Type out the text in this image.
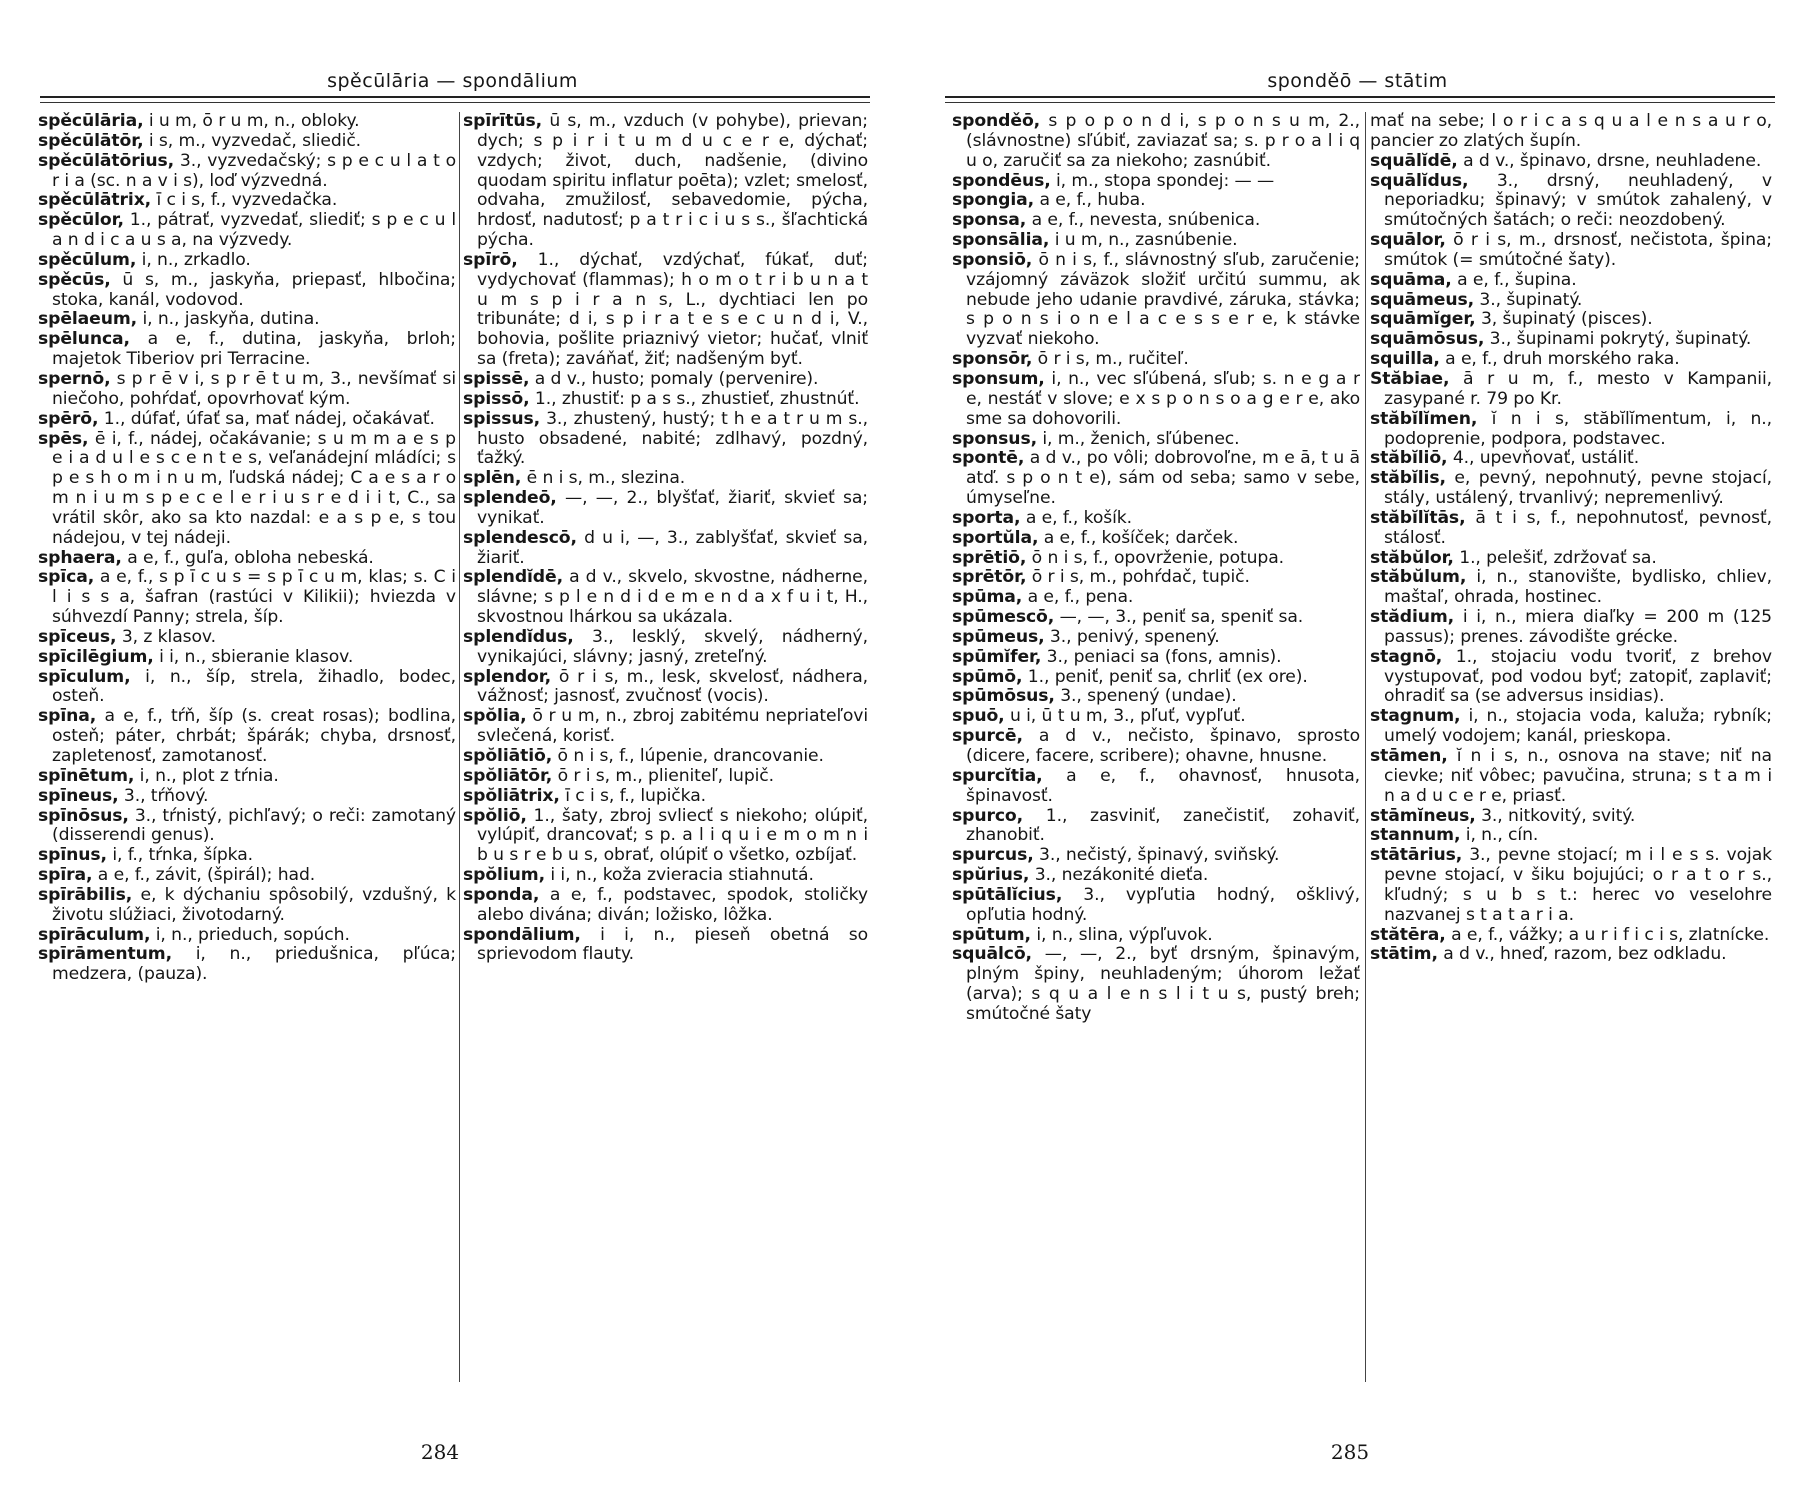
spěcūlāria — spondālium

spěcūlāria, i u m, ō r u m, n., obloky.

spěcūlātōr, i s, m., vyzvedač, sliedič.

spěcūlātōrius, 3., vyzvedačský; s p e c u l a t o r i a (sc. n a v i s), loď výzvedná.

spěcūlātrix, ī c i s, f., vyzvedačka.

spěcūlor, 1., pátrať, vyzvedať, sliediť; s p e c u l a n d i c a u s a, na výzvedy.

spěcūlum, i, n., zrkadlo.

spěcūs, ū s, m., jaskyňa, priepasť, hlbočina; stoka, kanál, vodovod.

spēlaeum, i, n., jaskyňa, dutina.

spēlunca, a e, f., dutina, jaskyňa, brloh; majetok Tiberiov pri Terracine.

spernō, s p r ē v i, s p r ē t u m, 3., nevšímať si niečoho, pohŕdať, opovrhovať kým.

spērō, 1., dúfať, úfať sa, mať nádej, očakávať.

spēs, ē i, f., nádej, očakávanie; s u m m a e s p e i a d u l e s c e n t e s, veľanádejní mládíci; s p e s h o m i n u m, ľudská nádej; C a e s a r o m n i u m s p e c e l e r i u s r e d i i t, C., sa vrátil skôr, ako sa kto nazdal: e a s p e, s tou nádejou, v tej nádeji.

sphaera, a e, f., guľa, obloha nebeská.

spīca, a e, f., s p ī c u s = s p ī c u m, klas; s. C i l i s s a, šafran (rastúci v Kilikii); hviezda v súhvezdí Panny; strela, šíp.

spīceus, 3, z klasov.

spīcilēgium, i i, n., sbieranie klasov.

spīculum, i, n., šíp, strela, žihadlo, bodec, osteň.

spīna, a e, f., tŕň, šíp (s. creat rosas); bodlina, osteň; páter, chrbát; špárák; chyba, drsnosť, zapletenosť, zamotanosť.

spīnētum, i, n., plot z tŕnia.

spīneus, 3., tŕňový.

spīnōsus, 3., tŕnistý, pichľavý; o reči: zamotaný (disserendi genus).

spīnus, i, f., tŕnka, šípka.

spīra, a e, f., závit, (špirál); had.

spīrābilis, e, k dýchaniu spôsobilý, vzdušný, k životu slúžiaci, životodarný.

spīrāculum, i, n., prieduch, sopúch.

spīrāmentum, i, n., priedušnica, pľúca; medzera, (pauza).

spīrītūs, ū s, m., vzduch (v pohybe), prievan; dych; s p i r i t u m d u c e r e, dýchať; vzdych; život, duch, nadšenie, (divino quodam spiritu inflatur poēta); vzlet; smelosť, odvaha, zmužilosť, sebavedomie, pýcha, hrdosť, nadutosť; p a t r i c i u s s., šľachtická pýcha.

spīrō, 1., dýchať, vzdýchať, fúkať, duť; vydychovať (flammas); h o m o t r i b u n a t u m s p i r a n s, L., dychtiaci len po tribunáte; d i, s p i r a t e s e c u n d i, V., bohovia, pošlite priaznivý vietor; hučať, vlniť sa (freta); zaváňať, žiť; nadšeným byť.

spissē, a d v., husto; pomaly (pervenire).

spissō, 1., zhustiť: p a s s., zhustieť, zhustnúť.

spissus, 3., zhustený, hustý; t h e a t r u m s., husto obsadené, nabité; zdlhavý, pozdný, ťažký.

splēn, ē n i s, m., slezina.

splendeō, —, —, 2., blyšťať, žiariť, skvieť sa; vynikať.

splendescō, d u i, —, 3., zablyšťať, skvieť sa, žiariť.

splendĭdē, a d v., skvelo, skvostne, nádherne, slávne; s p l e n d i d e m e n d a x f u i t, H., skvostnou lhárkou sa ukázala.

splendĭdus, 3., lesklý, skvelý, nádherný, vynikajúci, slávny; jasný, zreteľný.

splendor, ō r i s, m., lesk, skvelosť, nádhera, vážnosť; jasnosť, zvučnosť (vocis).

spŏlia, ō r u m, n., zbroj zabitému nepriateľovi svlečená, korisť.

spŏliātiō, ō n i s, f., lúpenie, drancovanie.

spŏliātōr, ō r i s, m., plieniteľ, lupič.

spŏliātrix, ī c i s, f., lupička.

spŏliō, 1., šaty, zbroj svliecť s niekoho; olúpiť, vylúpiť, drancovať; s p. a l i q u i e m o m n i b u s r e b u s, obrať, olúpiť o všetko, ozbíjať.

spŏlium, i i, n., koža zvieracia stiahnutá.

sponda, a e, f., podstavec, spodok, stoličky alebo divána; diván; ložisko, lôžka.

spondālium, i i, n., pieseň obetná so sprievodom flauty.

284
sponděō — stātim

sponděō, s p o p o n d i, s p o n s u m, 2., (slávnostne) sľúbiť, zaviazať sa; s. p r o a l i q u o, zaručiť sa za niekoho; zasnúbiť.

spondēus, i, m., stopa spondej: — —

spongia, a e, f., huba.

sponsa, a e, f., nevesta, snúbenica.

sponsālia, i u m, n., zasnúbenie.

sponsiō, ō n i s, f., slávnostný sľub, zaručenie; vzájomný záväzok složiť určitú summu, ak nebude jeho udanie pravdivé, záruka, stávka; s p o n s i o n e l a c e s s e r e, k stávke vyzvať niekoho.

sponsōr, ō r i s, m., ručiteľ.

sponsum, i, n., vec sľúbená, sľub; s. n e g a r e, nestáť v slove; e x s p o n s o a g e r e, ako sme sa dohovorili.

sponsus, i, m., ženich, sľúbenec.

spontē, a d v., po vôli; dobrovoľne, m e ā, t u ā atď. s p o n t e), sám od seba; samo v sebe, úmyseľne.

sporta, a e, f., košík.

sportŭla, a e, f., košíček; darček.

sprētiō, ō n i s, f., opovrženie, potupa.

sprētōr, ō r i s, m., pohŕdač, tupič.

spūma, a e, f., pena.

spūmescō, —, —, 3., peniť sa, speniť sa.

spūmeus, 3., penivý, spenený.

spūmĭfer, 3., peniaci sa (fons, amnis).

spūmō, 1., peniť, peniť sa, chrliť (ex ore).

spūmōsus, 3., spenený (undae).

spuō, u i, ū t u m, 3., pľuť, vypľuť.

spurcē, a d v., nečisto, špinavo, sprosto (dicere, facere, scribere); ohavne, hnusne.

spurcĭtia, a e, f., ohavnosť, hnusota, špinavosť.

spurco, 1., zasviniť, zanečistiť, zohaviť, zhanobiť.

spurcus, 3., nečistý, špinavý, sviňský.

spŭrius, 3., nezákonité dieťa.

spūtālĭcius, 3., vypľutia hodný, ošklivý, opľutia hodný.

spūtum, i, n., slina, výpľuvok.

squālcō, —, —, 2., byť drsným, špinavým, plným špiny, neuhladeným; úhorom ležať (arva); s q u a l e n s l i t u s, pustý breh; smútočné šaty

mať na sebe; l o r i c a s q u a l e n s a u r o, pancier zo zlatých šupín.

squālĭdē, a d v., špinavo, drsne, neuhladene.

squālĭdus, 3., drsný, neuhladený, v neporiadku; špinavý; v smútok zahalený, v smútočných šatách; o reči: neozdobený.

squālor, ō r i s, m., drsnosť, nečistota, špina; smútok (= smútočné šaty).

squāma, a e, f., šupina.

squāmeus, 3., šupinatý.

squāmĭger, 3, šupinatý (pisces).

squāmōsus, 3., šupinami pokrytý, šupinatý.

squilla, a e, f., druh morského raka.

Stăbiae, ā r u m, f., mesto v Kampanii, zasypané r. 79 po Kr.

stăbĭlĭmen, ĭ n i s, stăbĭlĭmentum, i, n., podoprenie, podpora, podstavec.

stăbĭliō, 4., upevňovať, ustáliť.

stăbĭlis, e, pevný, nepohnutý, pevne stojací, stály, ustálený, trvanlivý; nepremenlivý.

stăbĭlĭtās, ā t i s, f., nepohnutosť, pevnosť, stálosť.

stăbŭlor, 1., pelešiť, zdržovať sa.

stăbŭlum, i, n., stanovište, bydlisko, chliev, maštaľ, ohrada, hostinec.

stădium, i i, n., miera diaľky = 200 m (125 passus); prenes. závodište grécke.

stagnō, 1., stojaciu vodu tvoriť, z brehov vystupovať, pod vodou byť; zatopiť, zaplaviť; ohradiť sa (se adversus insidias).

stagnum, i, n., stojacia voda, kaluža; rybník; umelý vodojem; kanál, prieskopa.

stāmen, ĭ n i s, n., osnova na stave; niť na cievke; niť vôbec; pavučina, struna; s t a m i n a d u c e r e, priasť.

stāmĭneus, 3., nitkovitý, svitý.

stannum, i, n., cín.

stātārius, 3., pevne stojací; m i l e s s. vojak pevne stojací, v šiku bojujúci; o r a t o r s., kľudný; s u b s t.: herec vo veselohre nazvanej s t a t a r i a.

stătēra, a e, f., vážky; a u r i f i c i s, zlatnícke.

stātim, a d v., hneď, razom, bez odkladu.

285
